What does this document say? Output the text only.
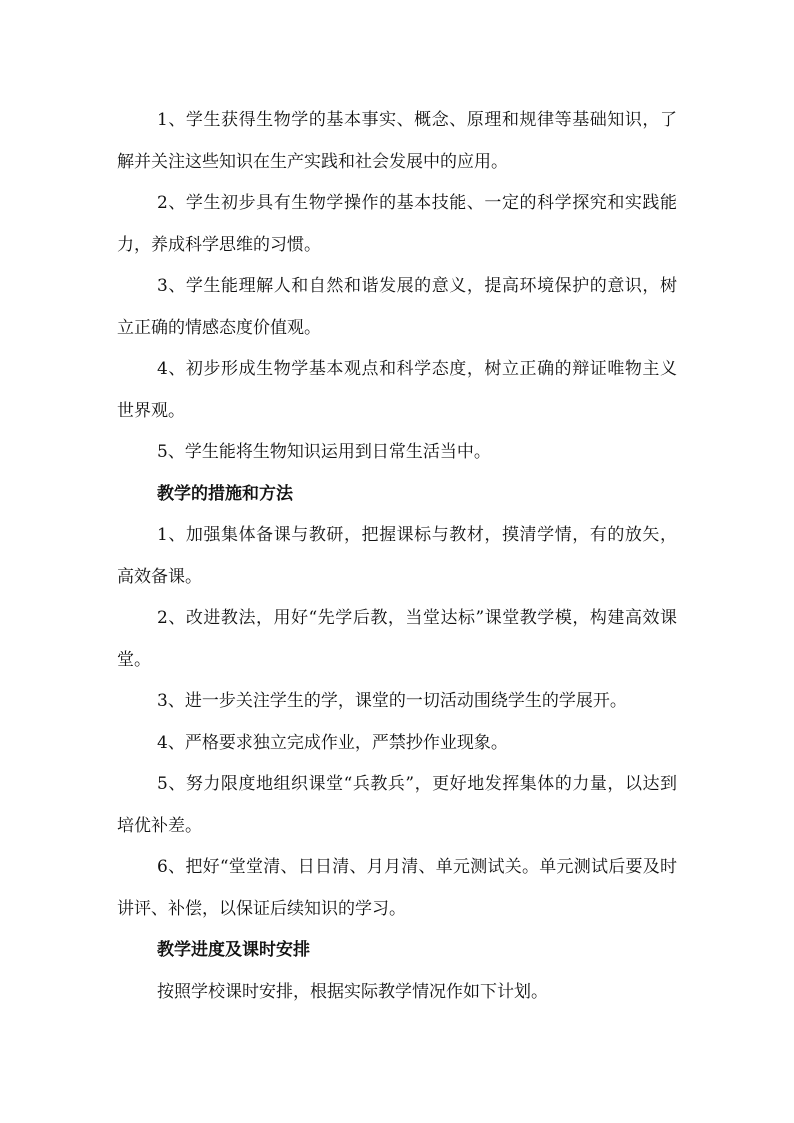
1、学生获得生物学的基本事实、概念、原理和规律等基础知识，了解并关注这些知识在生产实践和社会发展中的应用。

2、学生初步具有生物学操作的基本技能、一定的科学探究和实践能力，养成科学思维的习惯。

3、学生能理解人和自然和谐发展的意义，提高环境保护的意识，树立正确的情感态度价值观。

4、初步形成生物学基本观点和科学态度，树立正确的辩证唯物主义世界观。

5、学生能将生物知识运用到日常生活当中。

教学的措施和方法

1、加强集体备课与教研，把握课标与教材，摸清学情，有的放矢，高效备课。

2、改进教法，用好“先学后教，当堂达标”课堂教学模，构建高效课堂。

3、进一步关注学生的学，课堂的一切活动围绕学生的学展开。

4、严格要求独立完成作业，严禁抄作业现象。

5、努力限度地组织课堂“兵教兵”，更好地发挥集体的力量，以达到培优补差。

6、把好“堂堂清、日日清、月月清、单元测试关。单元测试后要及时讲评、补偿，以保证后续知识的学习。

教学进度及课时安排

按照学校课时安排，根据实际教学情况作如下计划。
